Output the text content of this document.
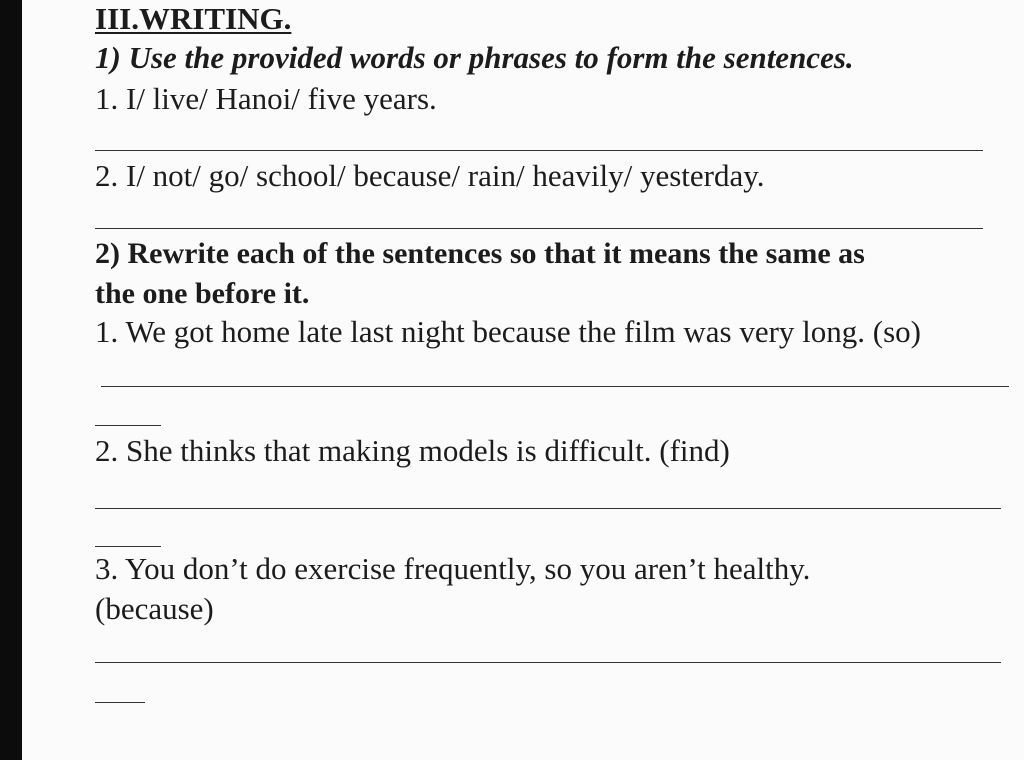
III.WRITING.
1) Use the provided words or phrases to form the sentences.
1. I/ live/ Hanoi/ five years.
2. I/ not/ go/ school/ because/ rain/ heavily/ yesterday.
2) Rewrite each of the sentences so that it means the same as
the one before it.
1. We got home late last night because the film was very long. (so)
2. She thinks that making models is difficult. (find)
3. You don’t do exercise frequently, so you aren’t healthy.
(because)
